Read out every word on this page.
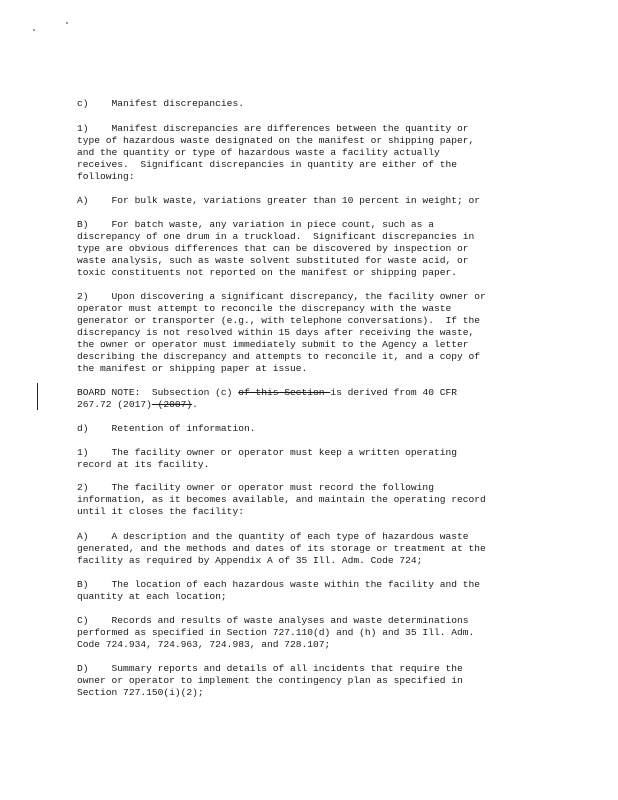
c)    Manifest discrepancies.

1)    Manifest discrepancies are differences between the quantity or
type of hazardous waste designated on the manifest or shipping paper,
and the quantity or type of hazardous waste a facility actually
receives.  Significant discrepancies in quantity are either of the
following:

A)    For bulk waste, variations greater than 10 percent in weight; or

B)    For batch waste, any variation in piece count, such as a
discrepancy of one drum in a truckload.  Significant discrepancies in
type are obvious differences that can be discovered by inspection or
waste analysis, such as waste solvent substituted for waste acid, or
toxic constituents not reported on the manifest or shipping paper.

2)    Upon discovering a significant discrepancy, the facility owner or
operator must attempt to reconcile the discrepancy with the waste
generator or transporter (e.g., with telephone conversations).  If the
discrepancy is not resolved within 15 days after receiving the waste,
the owner or operator must immediately submit to the Agency a letter
describing the discrepancy and attempts to reconcile it, and a copy of
the manifest or shipping paper at issue.

BOARD NOTE:  Subsection (c) of this Section is derived from 40 CFR
267.72 (2017) (2007).

d)    Retention of information.

1)    The facility owner or operator must keep a written operating
record at its facility.

2)    The facility owner or operator must record the following
information, as it becomes available, and maintain the operating record
until it closes the facility:

A)    A description and the quantity of each type of hazardous waste
generated, and the methods and dates of its storage or treatment at the
facility as required by Appendix A of 35 Ill. Adm. Code 724;

B)    The location of each hazardous waste within the facility and the
quantity at each location;

C)    Records and results of waste analyses and waste determinations
performed as specified in Section 727.110(d) and (h) and 35 Ill. Adm.
Code 724.934, 724.963, 724.983, and 728.107;

D)    Summary reports and details of all incidents that require the
owner or operator to implement the contingency plan as specified in
Section 727.150(i)(2);
